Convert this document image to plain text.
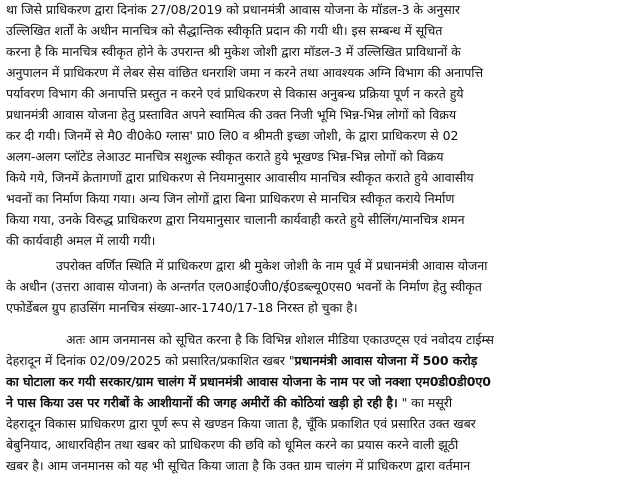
था जिसे प्राधिकरण द्वारा दिनांक 27/08/2019 को प्रधानमंत्री आवास योजना के मॉडल-3 के अनुसार
उल्लिखित शर्तों के अधीन मानचित्र को सैद्धान्तिक स्वीकृति प्रदान की गयी थी। इस सम्बन्ध में सूचित
करना है कि मानचित्र स्वीकृत होने के उपरान्त श्री मुकेश जोशी द्वारा मॉडल-3 में उल्लिखित प्राविधानों के
अनुपालन में प्राधिकरण में लेबर सेस वांछित धनराशि जमा न करने तथा आवश्यक अग्नि विभाग की अनापत्ति
पर्यावरण विभाग की अनापत्ति प्रस्तुत न करने एवं प्राधिकरण से विकास अनुबन्ध प्रक्रिया पूर्ण न करते हुये
प्रधानमंत्री आवास योजना हेतु प्रस्तावित अपने स्वामित्व की उक्त निजी भूमि भिन्न-भिन्न लोगों को विक्रय
कर दी गयी। जिनमें से मै0 वी0के0 ग्लास' प्रा0 लि0 व श्रीमती इच्छा जोशी, के द्वारा प्राधिकरण से 02
अलग-अलग प्लॉटेड लेआउट मानचित्र सशुल्क स्वीकृत कराते हुये भूखण्ड भिन्न-भिन्न लोगों को विक्रय
किये गये, जिनमें क्रेतागणों द्वारा प्राधिकरण से नियमानुसार आवासीय मानचित्र स्वीकृत कराते हुये आवासीय
भवनों का निर्माण किया गया। अन्य जिन लोगों द्वारा बिना प्राधिकरण से मानचित्र स्वीकृत कराये निर्माण
किया गया, उनके विरुद्ध प्राधिकरण द्वारा नियमानुसार चालानी कार्यवाही करते हुये सीलिंग/मानचित्र शमन
की कार्यवाही अमल में लायी गयी।
उपरोक्त वर्णित स्थिति में प्राधिकरण द्वारा श्री मुकेश जोशी के नाम पूर्व में प्रधानमंत्री आवास योजना
के अधीन (उत्तरा आवास योजना) के अन्तर्गत एल0आई0जी0/ई0डब्ल्यू0एस0 भवनों के निर्माण हेतु स्वीकृत
एफोर्डेबल ग्रुप हाउसिंग मानचित्र संख्या-आर-1740/17-18 निरस्त हो चुका है।
अतः आम जनमानस को सूचित करना है कि विभिन्न शोशल मीडिया एकाउण्ट्स एवं नवोदय टाईम्स
देहरादून में दिनांक 02/09/2025 को प्रसारित/प्रकाशित खबर "प्रधानमंत्री आवास योजना में 500 करोड़
का घोटाला कर गयी सरकार/ग्राम चालंग में प्रधानमंत्री आवास योजना के नाम पर जो नक्शा एम0डी0डी0ए0
ने पास किया उस पर गरीबों के आशीयानों की जगह अमीरों की कोठियां खड़ी हो रही है। " का मसूरी
देहरादून विकास प्राधिकरण द्वारा पूर्ण रूप से खण्डन किया जाता है, चूँकि प्रकाशित एवं प्रसारित उक्त खबर
बेबुनियाद, आधारविहीन तथा खबर को प्राधिकरण की छवि को धूमिल करने का प्रयास करने वाली झूठी
खबर है। आम जनमानस को यह भी सूचित किया जाता है कि उक्त ग्राम चालंग में प्राधिकरण द्वारा वर्तमान
